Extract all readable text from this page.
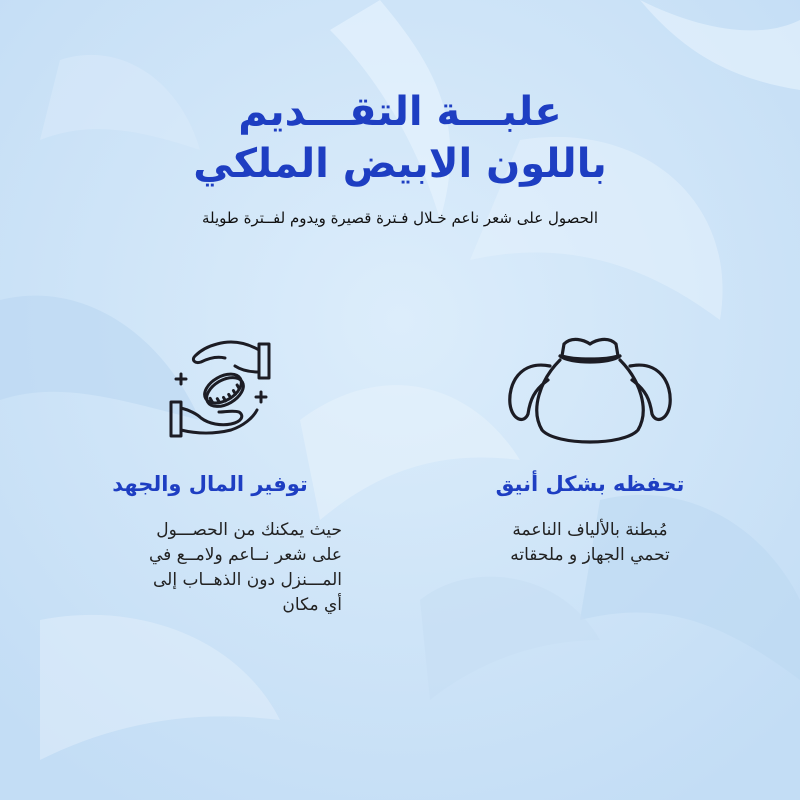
علبـــة التقـــديم
باللون الابيض الملكي
الحصول على شعر ناعم خـلال فـترة قصيرة ويدوم لفــترة طويلة
تحفظه بشكل أنيق
مُبطنة بالألياف الناعمة
تحمي الجهاز و ملحقاته
توفير المال والجهد
حيث يمكنك من الحصـــول
على شعر نــاعم ولامــع في
المـــنزل دون الذهــاب إلى
أي مكان
